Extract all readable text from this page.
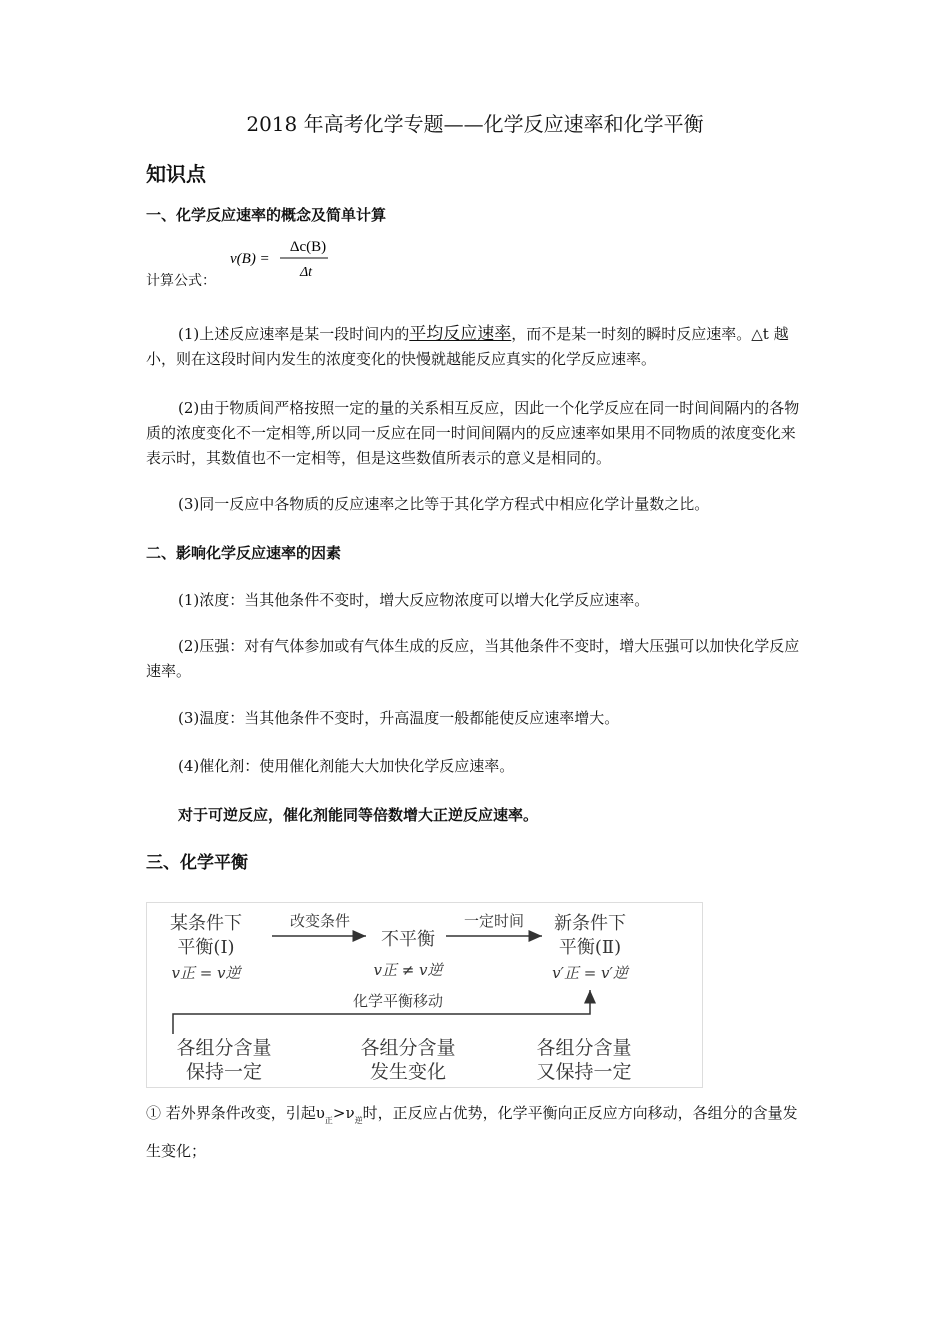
2018 年高考化学专题——化学反应速率和化学平衡
知识点
一、化学反应速率的概念及简单计算
v(B) =
Δc(B)
Δt
计算公式：
(1)上述反应速率是某一段时间内的平均反应速率，而不是某一时刻的瞬时反应速率。△t 越小，则在这段时间内发生的浓度变化的快慢就越能反应真实的化学反应速率。
(2)由于物质间严格按照一定的量的关系相互反应，因此一个化学反应在同一时间间隔内的各物质的浓度变化不一定相等,所以同一反应在同一时间间隔内的反应速率如果用不同物质的浓度变化来表示时，其数值也不一定相等，但是这些数值所表示的意义是相同的。
(3)同一反应中各物质的反应速率之比等于其化学方程式中相应化学计量数之比。
二、影响化学反应速率的因素
(1)浓度：当其他条件不变时，增大反应物浓度可以增大化学反应速率。
(2)压强：对有气体参加或有气体生成的反应，当其他条件不变时，增大压强可以加快化学反应速率。
(3)温度：当其他条件不变时，升高温度一般都能使反应速率增大。
(4)催化剂：使用催化剂能大大加快化学反应速率。
对于可逆反应，催化剂能同等倍数增大正逆反应速率。
三、化学平衡
某条件下
平衡(Ⅰ)
v正 = v逆
改变条件
不平衡
v正 ≠ v逆
一定时间 新条件下
平衡(Ⅱ)
v′正 = v′逆
化学平衡移动
各组分含量
保持一定
各组分含量
发生变化
各组分含量
又保持一定
① 若外界条件改变，引起$\upsilon_正>\nu_逆$时，正反应占优势，化学平衡向正反应方向移动，各组分的含量发生变化；
